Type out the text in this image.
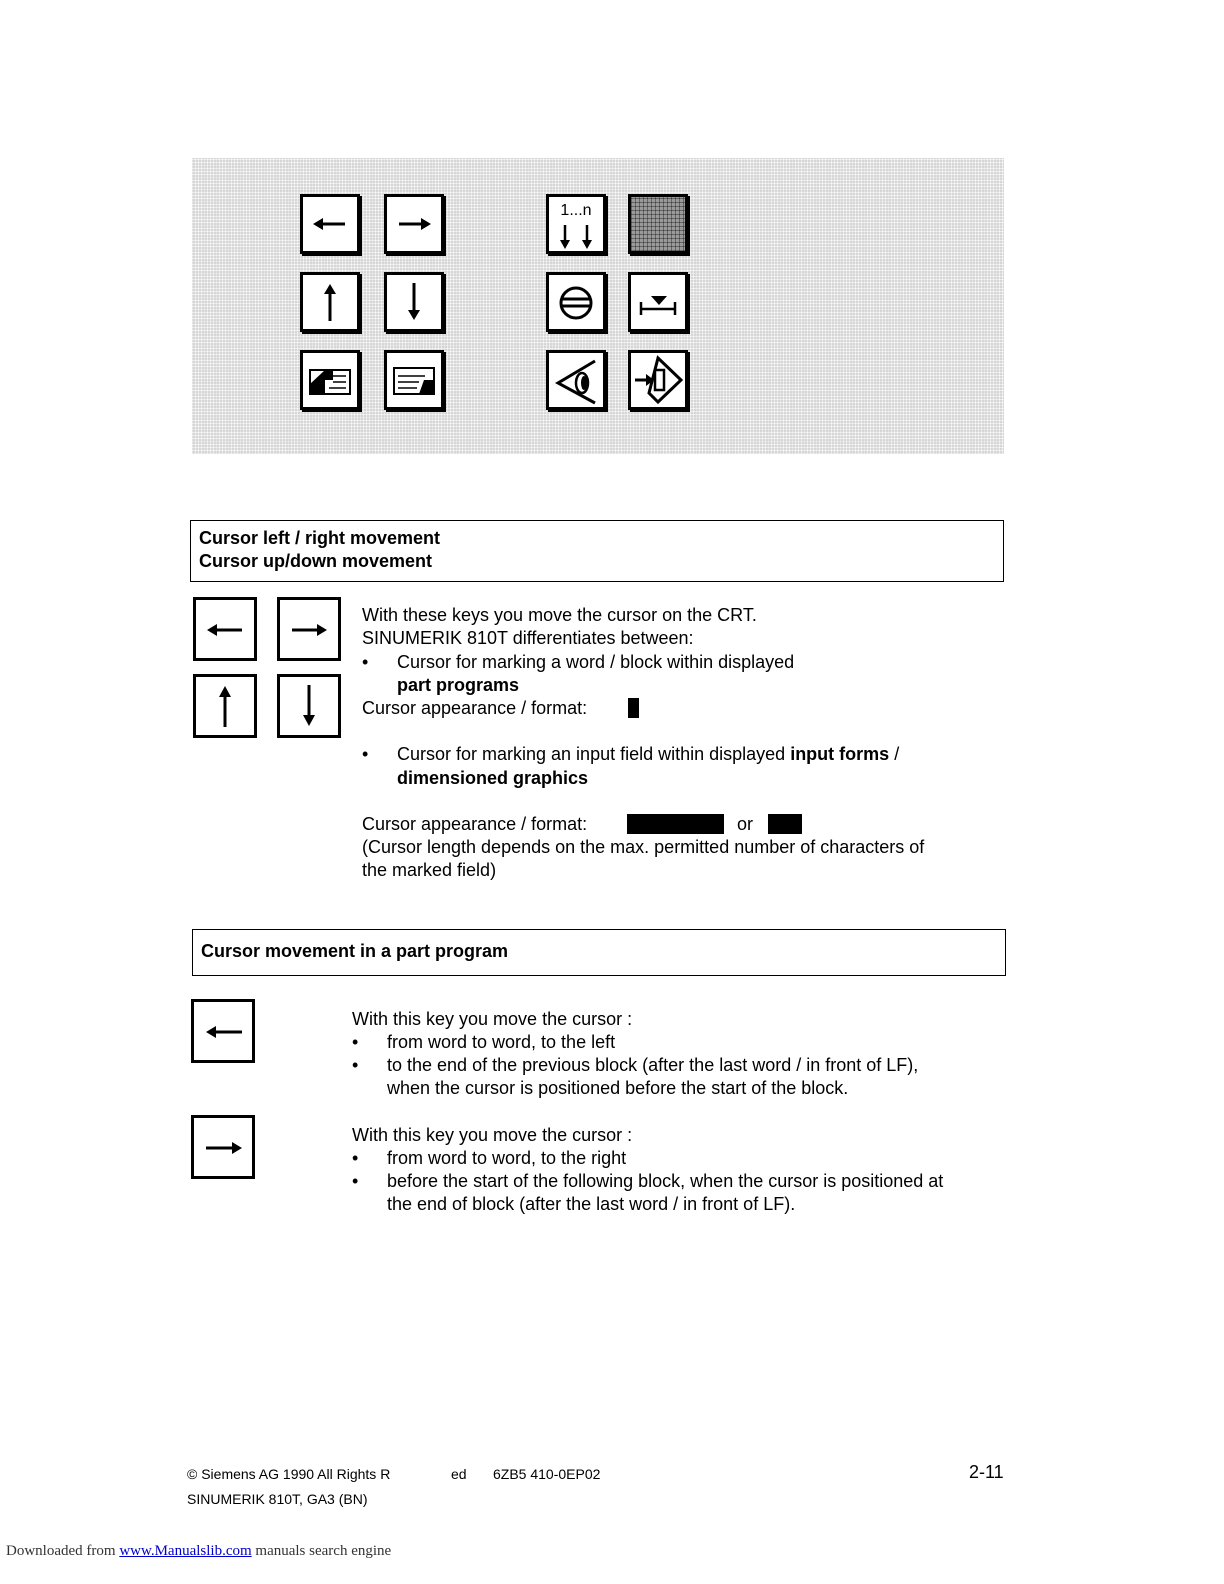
1...n
Cursor left / right movement
Cursor up/down movement
With these keys you move the cursor on the CRT.
SINUMERIK 810T differentiates between:
• Cursor for marking a word / block within displayed
part programs
Cursor appearance / format:
• Cursor for marking an input field within displayed input forms /
dimensioned graphics
Cursor appearance / format:	or
(Cursor length depends on the max. permitted number of characters of
the marked field)
Cursor movement in a part program
With this key you move the cursor :
• from word to word, to the left
• to the end of the previous block (after the last word / in front of LF),
when the cursor is positioned before the start of the block.
With this key you move the cursor :
• from word to word, to the right
• before the start of the following block, when the cursor is positioned at
the end of block (after the last word / in front of LF).
© Siemens AG 1990 All Rights R	ed 6ZB5 410-0EP02	2-11
SINUMERIK 810T, GA3 (BN)
Downloaded from www.Manualslib.com manuals search engine
